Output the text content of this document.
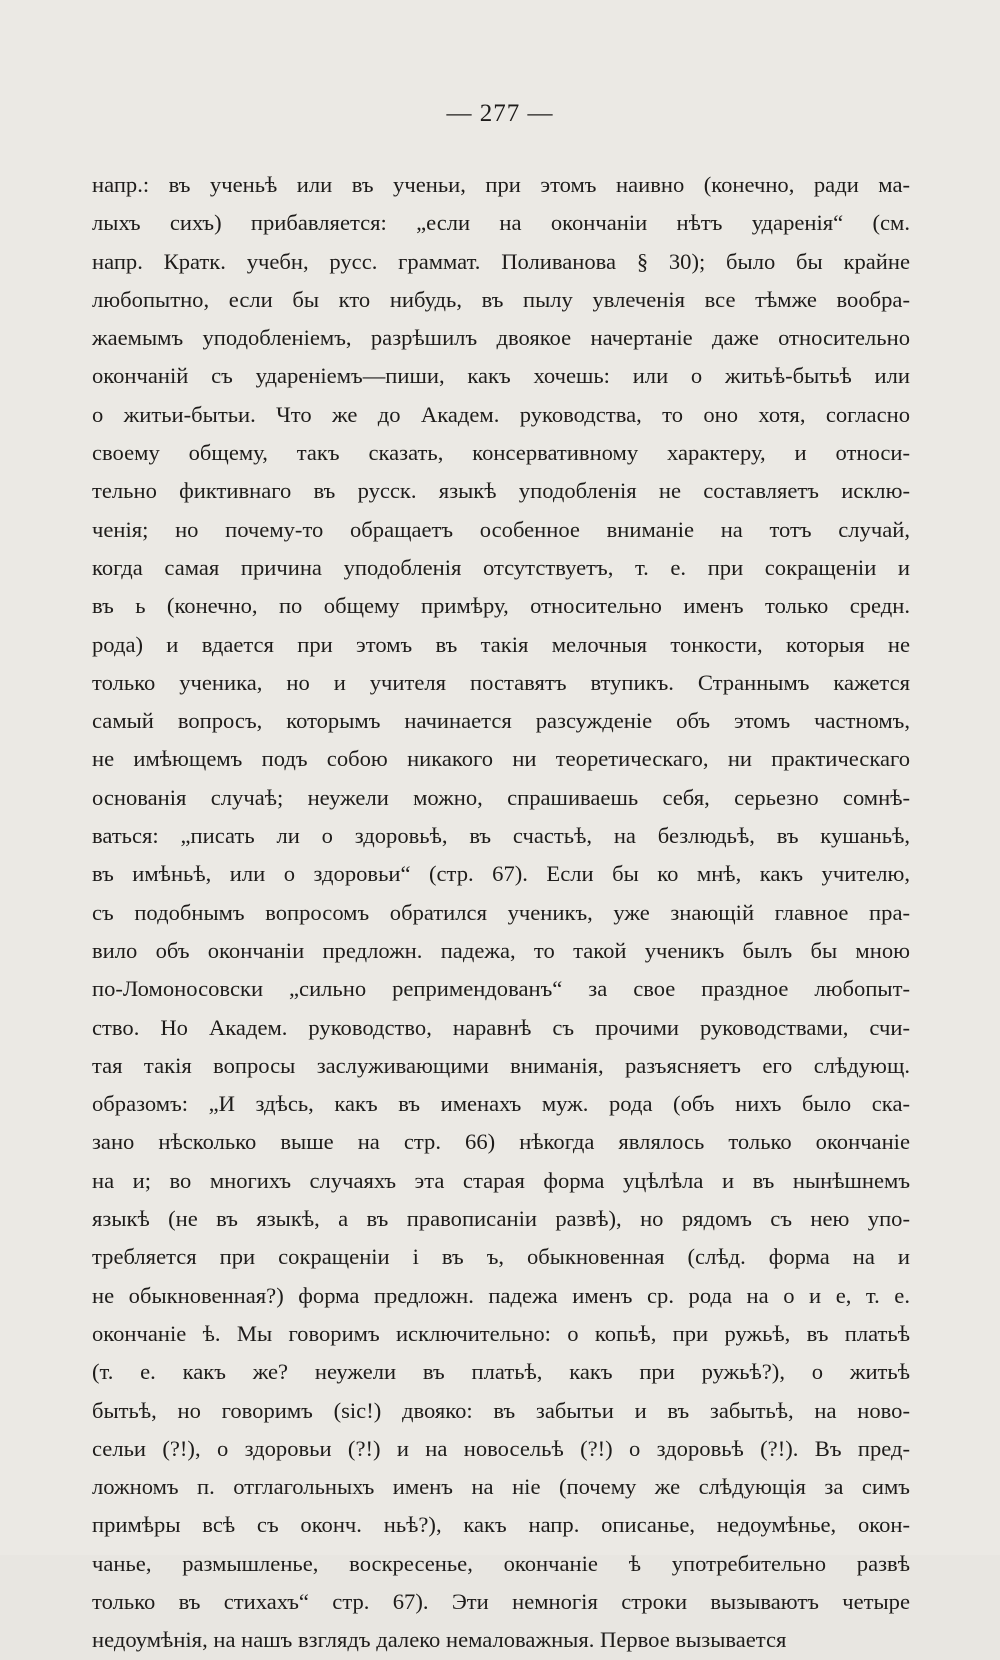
— 277 —
напр.: въ ученьѣ или въ ученьи, при этомъ наивно (конечно, ради ма-
лыхъ сихъ) прибавляется: „если на окончаніи нѣтъ ударенія“ (см.
напр. Кратк. учебн, русс. граммат. Поливанова § 30); было бы крайне
любопытно, если бы кто нибудь, въ пылу увлеченія все тѣмже вообра-
жаемымъ уподобленіемъ, разрѣшилъ двоякое начертаніе даже относительно
окончаній съ удареніемъ—пиши, какъ хочешь: или о житьѣ-бытьѣ или
о житьи-бытьи. Что же до Академ. руководства, то оно хотя, согласно
своему общему, такъ сказать, консервативному характеру, и относи-
тельно фиктивнаго въ русск. языкѣ уподобленія не составляетъ исклю-
ченія; но почему-то обращаетъ особенное вниманіе на тотъ случай,
когда самая причина уподобленія отсутствуетъ, т. е. при сокращеніи и
въ ь (конечно, по общему примѣру, относительно именъ только средн.
рода) и вдается при этомъ въ такія мелочныя тонкости, которыя не
только ученика, но и учителя поставятъ втупикъ. Страннымъ кажется
самый вопросъ, которымъ начинается разсужденіе объ этомъ частномъ,
не имѣющемъ подъ собою никакого ни теоретическаго, ни практическаго
основанія случаѣ; неужели можно, спрашиваешь себя, серьезно сомнѣ-
ваться: „писать ли о здоровьѣ, въ счастьѣ, на безлюдьѣ, въ кушаньѣ,
въ имѣньѣ, или о здоровьи“ (стр. 67). Если бы ко мнѣ, какъ учителю,
съ подобнымъ вопросомъ обратился ученикъ, уже знающій главное пра-
вило объ окончаніи предложн. падежа, то такой ученикъ былъ бы мною
по-Ломоносовски „сильно репримендованъ“ за свое праздное любопыт-
ство. Но Академ. руководство, наравнѣ съ прочими руководствами, счи-
тая такія вопросы заслуживающими вниманія, разъясняетъ его слѣдующ.
образомъ: „И здѣсь, какъ въ именахъ муж. рода (объ нихъ было ска-
зано нѣсколько выше на стр. 66) нѣкогда являлось только окончаніе
на и; во многихъ случаяхъ эта старая форма уцѣлѣла и въ нынѣшнемъ
языкѣ (не въ языкѣ, а въ правописаніи развѣ), но рядомъ съ нею упо-
требляется при сокращеніи і въ ъ, обыкновенная (слѣд. форма на и
не обыкновенная?) форма предложн. падежа именъ ср. рода на о и е, т. е.
окончаніе ѣ. Мы говоримъ исключительно: о копьѣ, при ружьѣ, въ платьѣ
(т. е. какъ же? неужели въ платьѣ, какъ при ружьѣ?), о житьѣ
бытьѣ, но говоримъ (sic!) двояко: въ забытьи и въ забытьѣ, на ново-
сельи (?!), о здоровьи (?!) и на новосельѣ (?!) о здоровьѣ (?!). Въ пред-
ложномъ п. отглагольныхъ именъ на ніе (почему же слѣдующія за симъ
примѣры всѣ съ оконч. ньѣ?), какъ напр. описанье, недоумѣнье, окон-
чанье, размышленье, воскресенье, окончаніе ѣ употребительно развѣ
только въ стихахъ“ стр. 67). Эти немногія строки вызываютъ четыре
недоумѣнія, на нашъ взглядъ далеко немаловажныя. Первое вызывается
